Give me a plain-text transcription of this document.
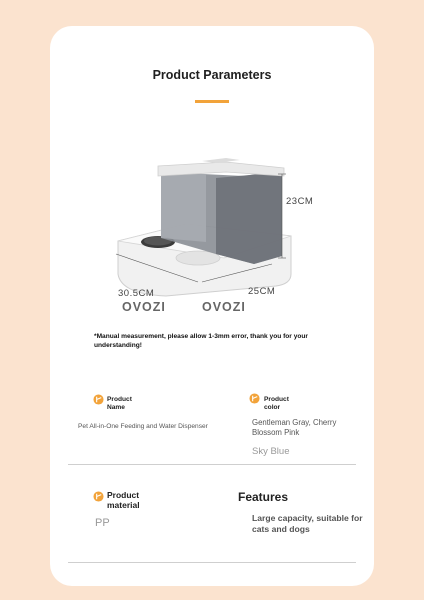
Product Parameters
23CM
30.5CM	25CM
OVOZI	OVOZI
*Manual measurement, please allow 1-3mm error, thank you for your understanding!
Product Name
Pet All-in-One Feeding and Water Dispenser
Product color
Gentleman Gray, Cherry Blossom Pink
Sky Blue
Product material
PP
Features
Large capacity, suitable for cats and dogs
